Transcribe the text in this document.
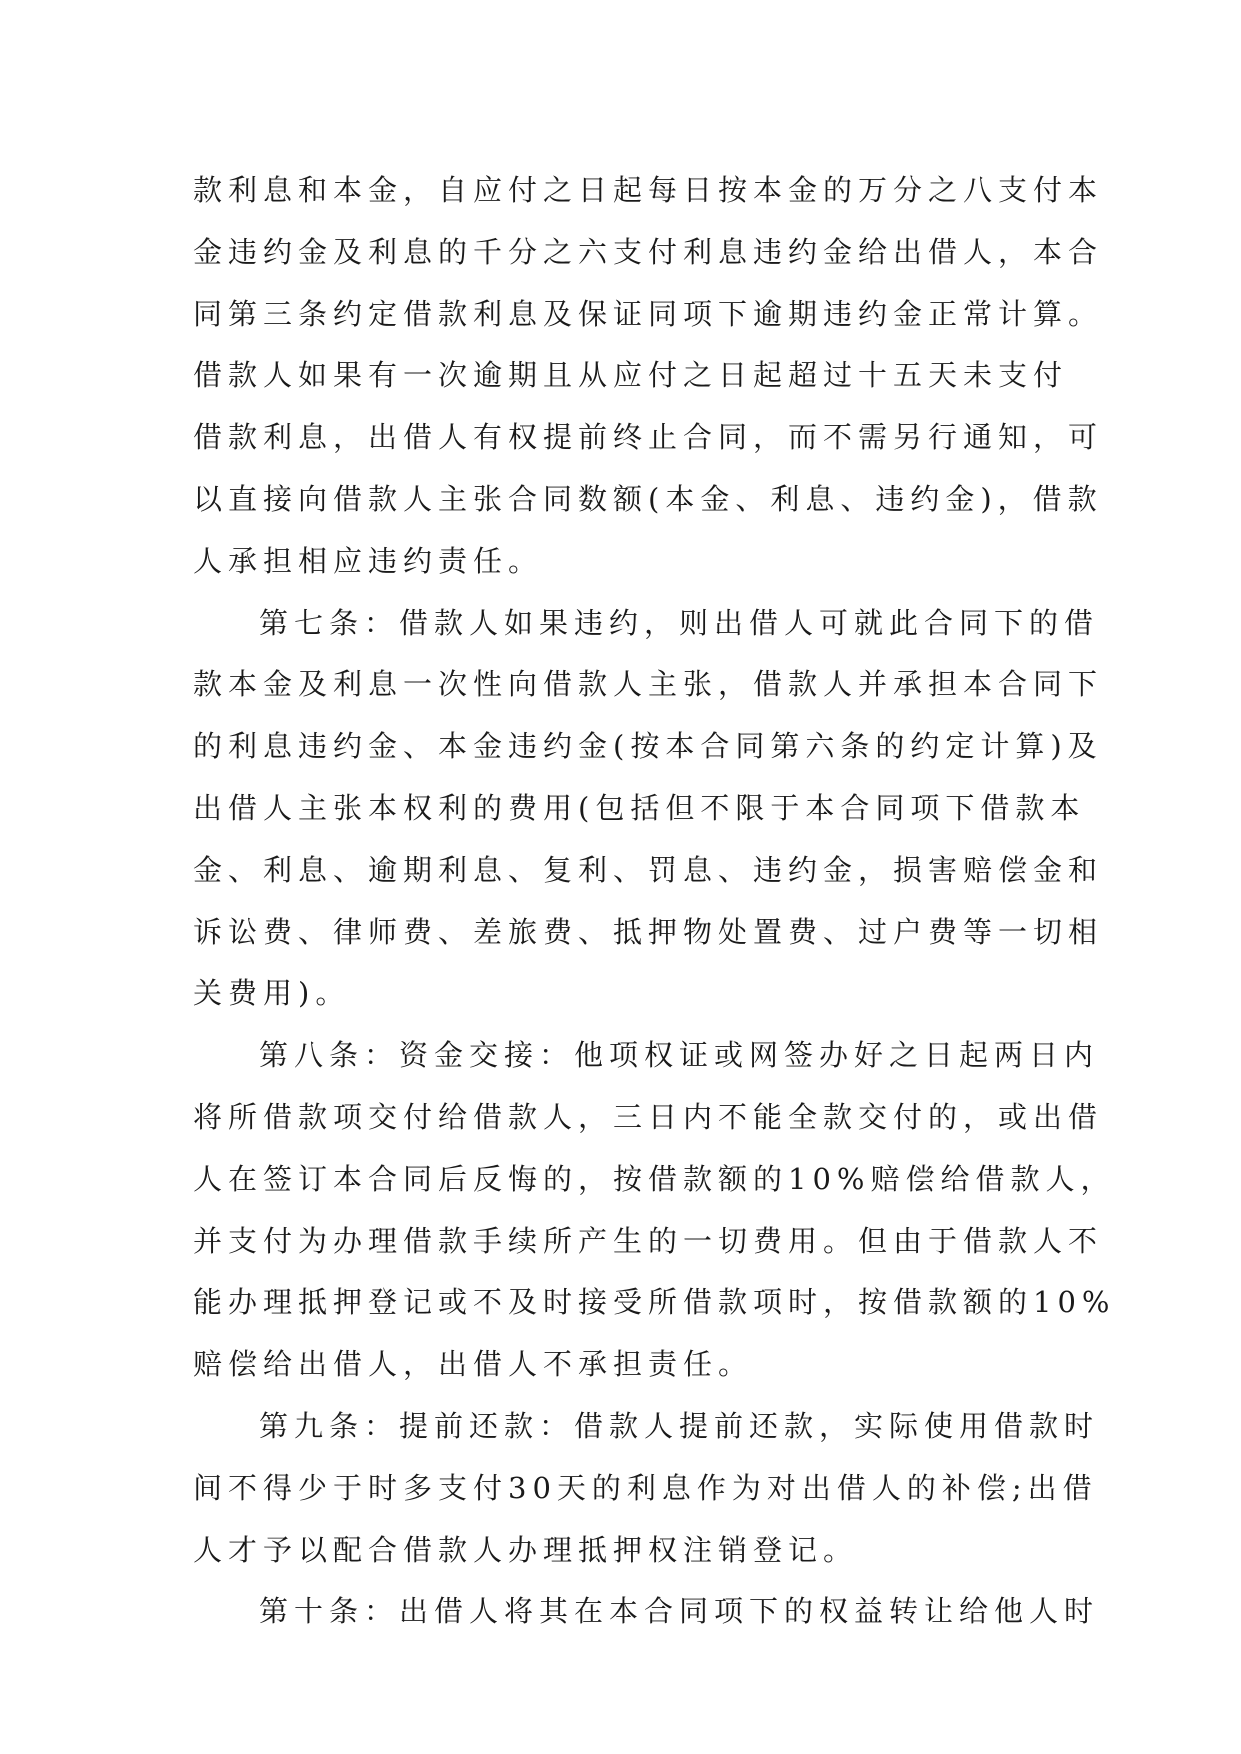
款利息和本金，自应付之日起每日按本金的万分之八支付本
金违约金及利息的千分之六支付利息违约金给出借人，本合
同第三条约定借款利息及保证同项下逾期违约金正常计算。
借款人如果有一次逾期且从应付之日起超过十五天未支付
借款利息，出借人有权提前终止合同，而不需另行通知，可
以直接向借款人主张合同数额(本金、利息、违约金)，借款
人承担相应违约责任。
第七条：借款人如果违约，则出借人可就此合同下的借
款本金及利息一次性向借款人主张，借款人并承担本合同下
的利息违约金、本金违约金(按本合同第六条的约定计算)及
出借人主张本权利的费用(包括但不限于本合同项下借款本
金、利息、逾期利息、复利、罚息、违约金，损害赔偿金和
诉讼费、律师费、差旅费、抵押物处置费、过户费等一切相
关费用)。
第八条：资金交接：他项权证或网签办好之日起两日内
将所借款项交付给借款人，三日内不能全款交付的，或出借
人在签订本合同后反悔的，按借款额的10%赔偿给借款人，
并支付为办理借款手续所产生的一切费用。但由于借款人不
能办理抵押登记或不及时接受所借款项时，按借款额的10%
赔偿给出借人，出借人不承担责任。
第九条：提前还款：借款人提前还款，实际使用借款时
间不得少于时多支付30天的利息作为对出借人的补偿;出借
人才予以配合借款人办理抵押权注销登记。
第十条：出借人将其在本合同项下的权益转让给他人时
